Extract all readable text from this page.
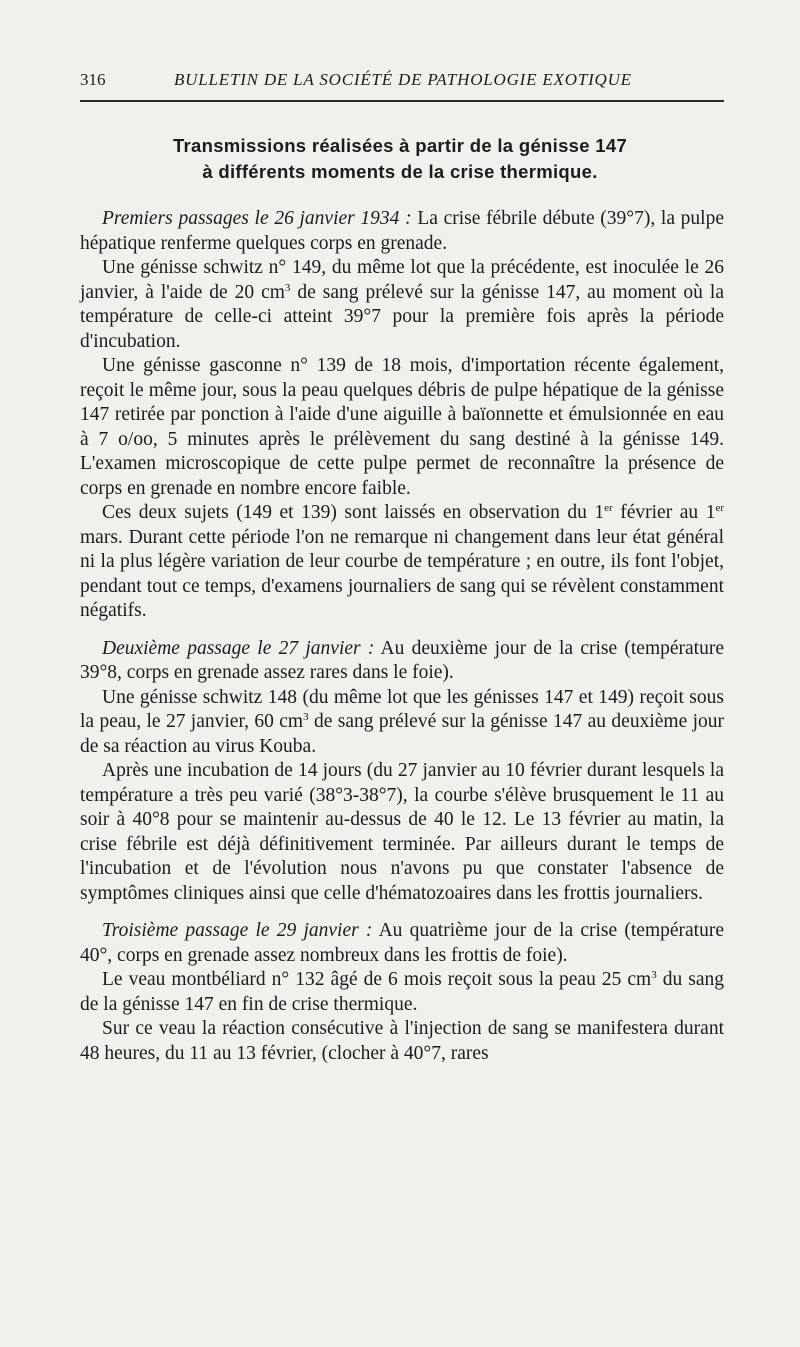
316	BULLETIN DE LA SOCIÉTÉ DE PATHOLOGIE EXOTIQUE
Transmissions réalisées à partir de la génisse 147
à différents moments de la crise thermique.

Premiers passages le 26 janvier 1934 : La crise fébrile débute (39°7), la pulpe hépatique renferme quelques corps en grenade.

Une génisse schwitz n° 149, du même lot que la précédente, est inoculée le 26 janvier, à l'aide de 20 $cm^3$ de sang prélevé sur la génisse 147, au moment où la température de celle-ci atteint 39°7 pour la première fois après la période d'incubation.

Une génisse gasconne n° 139 de 18 mois, d'importation récente également, reçoit le même jour, sous la peau quelques débris de pulpe hépatique de la génisse 147 retirée par ponction à l'aide d'une aiguille à baïonnette et émulsionnée en eau à 7 o/oo, 5 minutes après le prélèvement du sang destiné à la génisse 149. L'examen microscopique de cette pulpe permet de reconnaître la présence de corps en grenade en nombre encore faible.

Ces deux sujets (149 et 139) sont laissés en observation du 1er février au 1er mars. Durant cette période l'on ne remarque ni changement dans leur état général ni la plus légère variation de leur courbe de température ; en outre, ils font l'objet, pendant tout ce temps, d'examens journaliers de sang qui se révèlent constamment négatifs.

Deuxième passage le 27 janvier : Au deuxième jour de la crise (température 39°8, corps en grenade assez rares dans le foie).

Une génisse schwitz 148 (du même lot que les génisses 147 et 149) reçoit sous la peau, le 27 janvier, 60 $cm^3$ de sang prélevé sur la génisse 147 au deuxième jour de sa réaction au virus Kouba.

Après une incubation de 14 jours (du 27 janvier au 10 février durant lesquels la température a très peu varié (38°3-38°7), la courbe s'élève brusquement le 11 au soir à 40°8 pour se maintenir au-dessus de 40 le 12. Le 13 février au matin, la crise fébrile est déjà définitivement terminée. Par ailleurs durant le temps de l'incubation et de l'évolution nous n'avons pu que constater l'absence de symptômes cliniques ainsi que celle d'hématozoaires dans les frottis journaliers.

Troisième passage le 29 janvier : Au quatrième jour de la crise (température 40°, corps en grenade assez nombreux dans les frottis de foie).

Le veau montbéliard n° 132 âgé de 6 mois reçoit sous la peau 25 $cm^3$ du sang de la génisse 147 en fin de crise thermique.

Sur ce veau la réaction consécutive à l'injection de sang se manifestera durant 48 heures, du 11 au 13 février, (clocher à 40°7, rares
